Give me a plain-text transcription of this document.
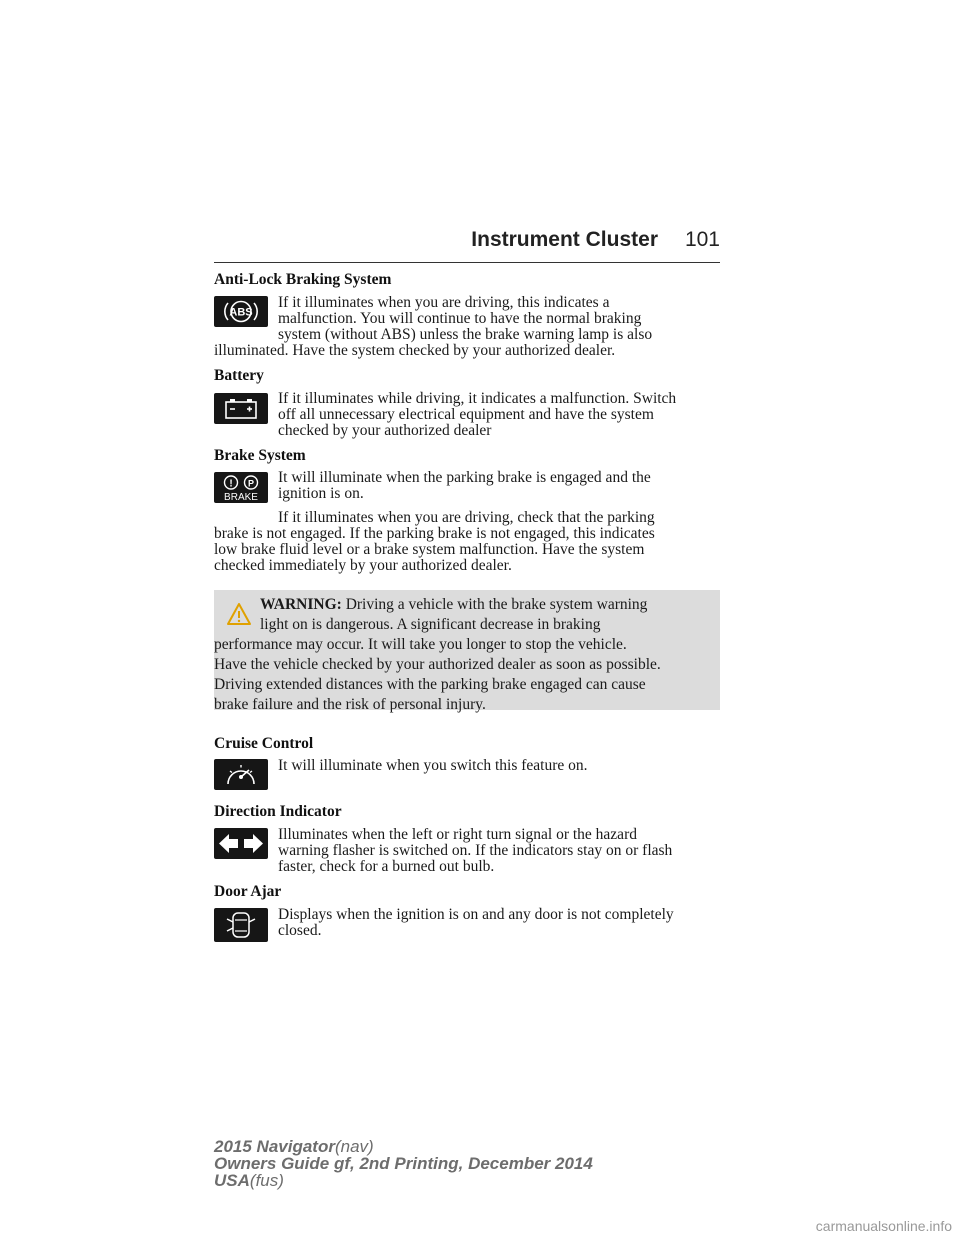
Instrument Cluster 101
Anti-Lock Braking System
ABS
If it illuminates when you are driving, this indicates a
malfunction. You will continue to have the normal braking
system (without ABS) unless the brake warning lamp is also
illuminated. Have the system checked by your authorized dealer.
Battery
If it illuminates while driving, it indicates a malfunction. Switch
off all unnecessary electrical equipment and have the system
checked by your authorized dealer
Brake System
! P
BRAKE
It will illuminate when the parking brake is engaged and the
ignition is on.
If it illuminates when you are driving, check that the parking
brake is not engaged. If the parking brake is not engaged, this indicates
low brake fluid level or a brake system malfunction. Have the system
checked immediately by your authorized dealer.
WARNING: Driving a vehicle with the brake system warning
light on is dangerous. A significant decrease in braking
performance may occur. It will take you longer to stop the vehicle.
Have the vehicle checked by your authorized dealer as soon as possible.
Driving extended distances with the parking brake engaged can cause
brake failure and the risk of personal injury.
Cruise Control
It will illuminate when you switch this feature on.
Direction Indicator
Illuminates when the left or right turn signal or the hazard
warning flasher is switched on. If the indicators stay on or flash
faster, check for a burned out bulb.
Door Ajar
Displays when the ignition is on and any door is not completely
closed.
2015 Navigator(nav)
Owners Guide gf, 2nd Printing, December 2014
USA(fus)
carmanualsonline.info
